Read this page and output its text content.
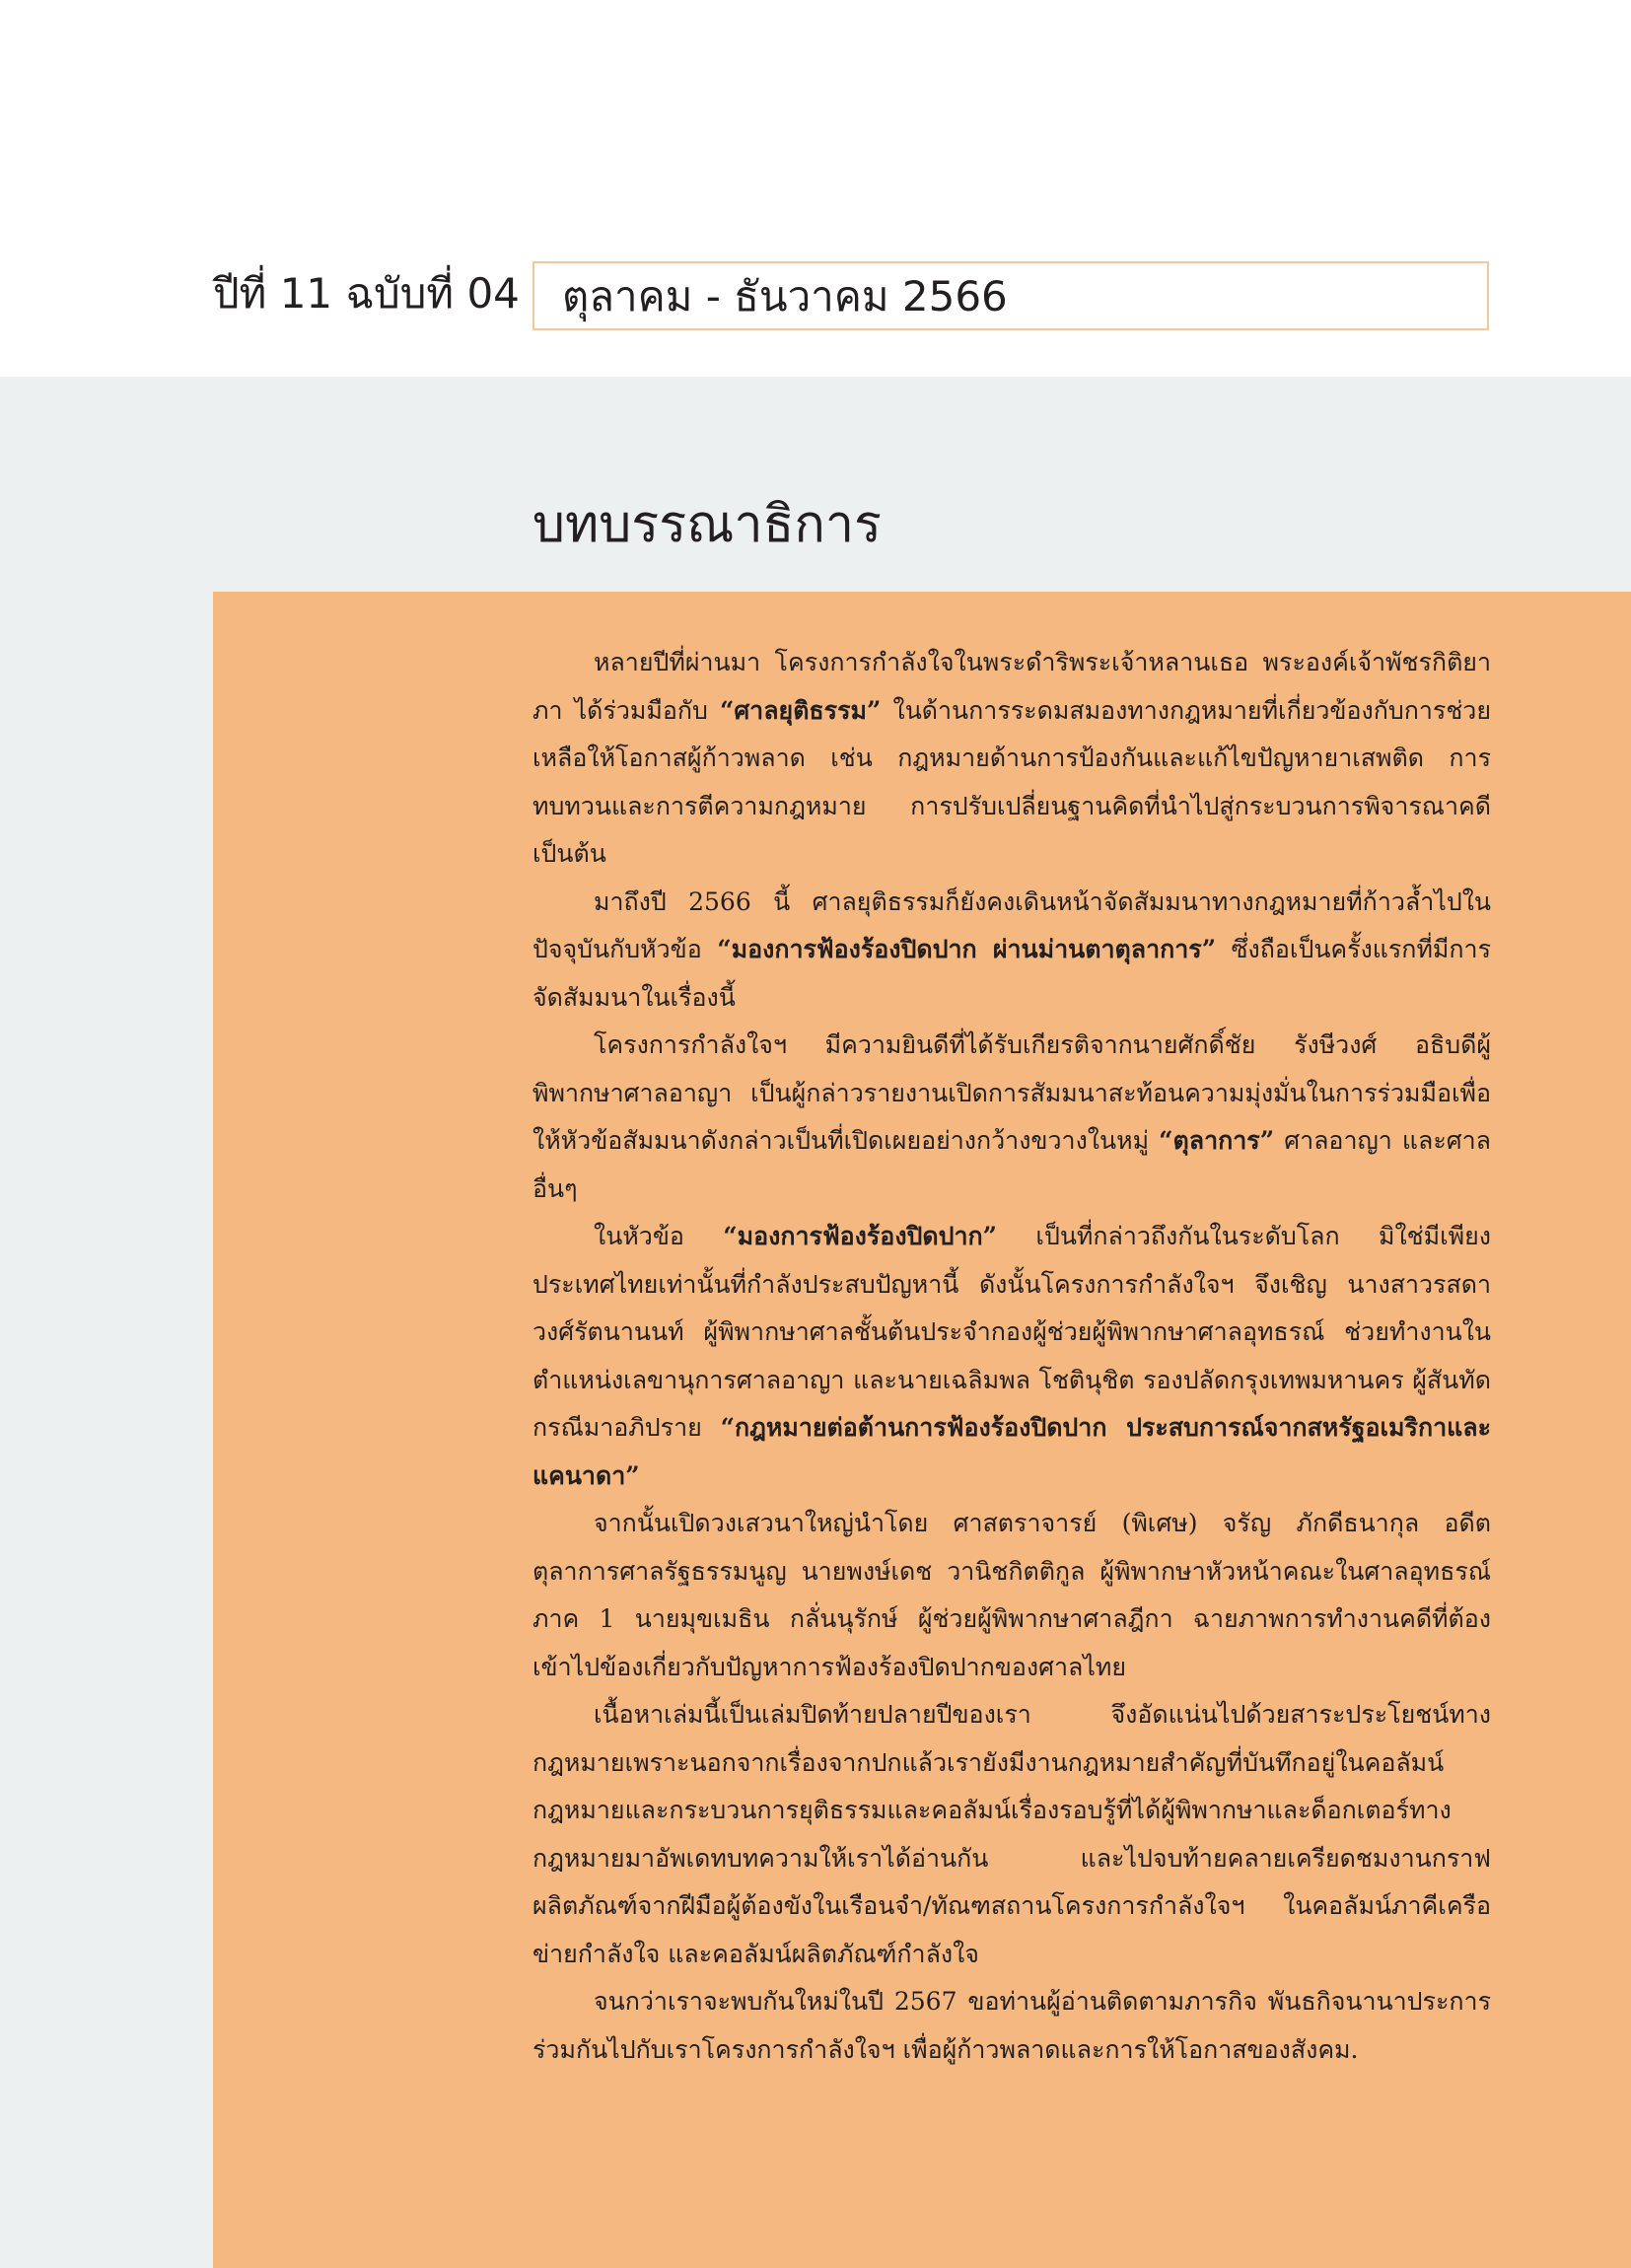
ปีที่ 11 ฉบับที่ 04 ตุลาคม - ธันวาคม 2566
บทบรรณาธิการ

หลายปีที่ผ่านมา โครงการกำลังใจในพระดำริพระเจ้าหลานเธอ พระองค์เจ้าพัชรกิติยาภา ได้ร่วมมือกับ “ศาลยุติธรรม” ในด้านการระดมสมองทางกฎหมายที่เกี่ยวข้องกับการช่วยเหลือให้โอกาสผู้ก้าวพลาด เช่น กฎหมายด้านการป้องกันและแก้ไขปัญหายาเสพติด การทบทวนและการตีความกฎหมาย การปรับเปลี่ยนฐานคิดที่นำไปสู่กระบวนการพิจารณาคดี เป็นต้น

มาถึงปี 2566 นี้ ศาลยุติธรรมก็ยังคงเดินหน้าจัดสัมมนาทางกฎหมายที่ก้าวล้ำไปในปัจจุบันกับหัวข้อ “มองการฟ้องร้องปิดปาก ผ่านม่านตาตุลาการ” ซึ่งถือเป็นครั้งแรกที่มีการจัดสัมมนาในเรื่องนี้

โครงการกำลังใจฯ มีความยินดีที่ได้รับเกียรติจากนายศักดิ์ชัย รังษีวงศ์ อธิบดีผู้พิพากษาศาลอาญา เป็นผู้กล่าวรายงานเปิดการสัมมนาสะท้อนความมุ่งมั่นในการร่วมมือเพื่อให้หัวข้อสัมมนาดังกล่าวเป็นที่เปิดเผยอย่างกว้างขวางในหมู่ “ตุลาการ” ศาลอาญา และศาลอื่นๆ

ในหัวข้อ “มองการฟ้องร้องปิดปาก” เป็นที่กล่าวถึงกันในระดับโลก มิใช่มีเพียงประเทศไทยเท่านั้นที่กำลังประสบปัญหานี้ ดังนั้นโครงการกำลังใจฯ จึงเชิญ นางสาวรสดา วงศ์รัตนานนท์ ผู้พิพากษาศาลชั้นต้นประจำกองผู้ช่วยผู้พิพากษาศาลอุทธรณ์ ช่วยทำงานในตำแหน่งเลขานุการศาลอาญา และนายเฉลิมพล โชตินุชิต รองปลัดกรุงเทพมหานคร ผู้สันทัดกรณีมาอภิปราย “กฎหมายต่อต้านการฟ้องร้องปิดปาก ประสบการณ์จากสหรัฐอเมริกาและแคนาดา”

จากนั้นเปิดวงเสวนาใหญ่นำโดย ศาสตราจารย์ (พิเศษ) จรัญ ภักดีธนากุล อดีตตุลาการศาลรัฐธรรมนูญ นายพงษ์เดช วานิชกิตติกูล ผู้พิพากษาหัวหน้าคณะในศาลอุทธรณ์ภาค 1 นายมุขเมธิน กลั่นนุรักษ์ ผู้ช่วยผู้พิพากษาศาลฎีกา ฉายภาพการทำงานคดีที่ต้องเข้าไปข้องเกี่ยวกับปัญหาการฟ้องร้องปิดปากของศาลไทย

เนื้อหาเล่มนี้เป็นเล่มปิดท้ายปลายปีของเรา จึงอัดแน่นไปด้วยสาระประโยชน์ทางกฎหมายเพราะนอกจากเรื่องจากปกแล้วเรายังมีงานกฎหมายสำคัญที่บันทึกอยู่ในคอลัมน์กฎหมายและกระบวนการยุติธรรมและคอลัมน์เรื่องรอบรู้ที่ได้ผู้พิพากษาและด็อกเตอร์ทางกฎหมายมาอัพเดทบทความให้เราได้อ่านกัน และไปจบท้ายคลายเครียดชมงานกราฟ ผลิตภัณฑ์จากฝีมือผู้ต้องขังในเรือนจำ/ทัณฑสถานโครงการกำลังใจฯ ในคอลัมน์ภาคีเครือข่ายกำลังใจ และคอลัมน์ผลิตภัณฑ์กำลังใจ

จนกว่าเราจะพบกันใหม่ในปี 2567 ขอท่านผู้อ่านติดตามภารกิจ พันธกิจนานาประการร่วมกันไปกับเราโครงการกำลังใจฯ เพื่อผู้ก้าวพลาดและการให้โอกาสของสังคม.
